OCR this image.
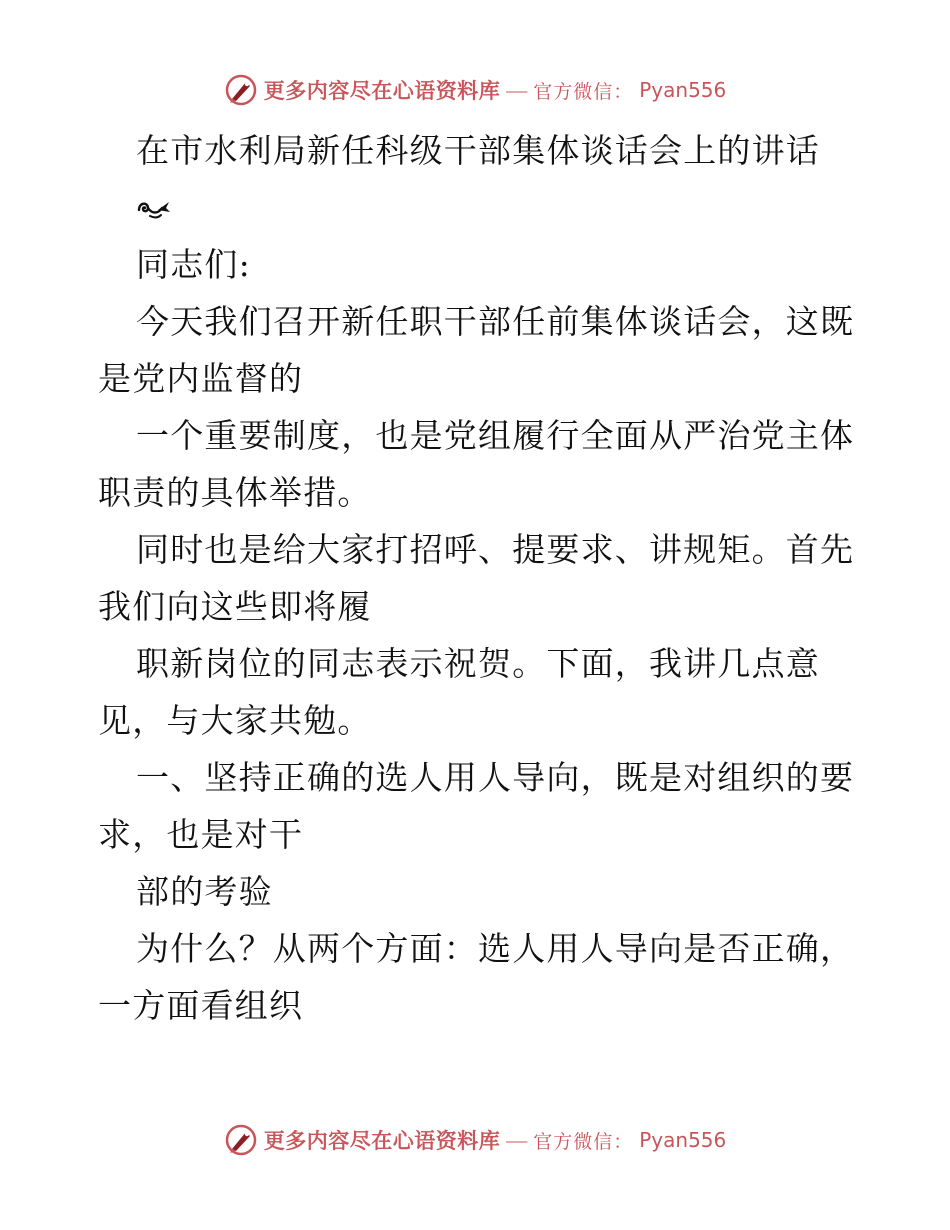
更多内容尽在心语资料库 — 官方微信： Pyan556
在市水利局新任科级干部集体谈话会上的讲话
同志们:
今天我们召开新任职干部任前集体谈话会，这既
是党内监督的
一个重要制度，也是党组履行全面从严治党主体
职责的具体举措。
同时也是给大家打招呼、提要求、讲规矩。首先
我们向这些即将履
职新岗位的同志表示祝贺。下面，我讲几点意
见，与大家共勉。
一、坚持正确的选人用人导向，既是对组织的要
求，也是对干
部的考验
为什么？从两个方面：选人用人导向是否正确，
一方面看组织
更多内容尽在心语资料库 — 官方微信： Pyan556
